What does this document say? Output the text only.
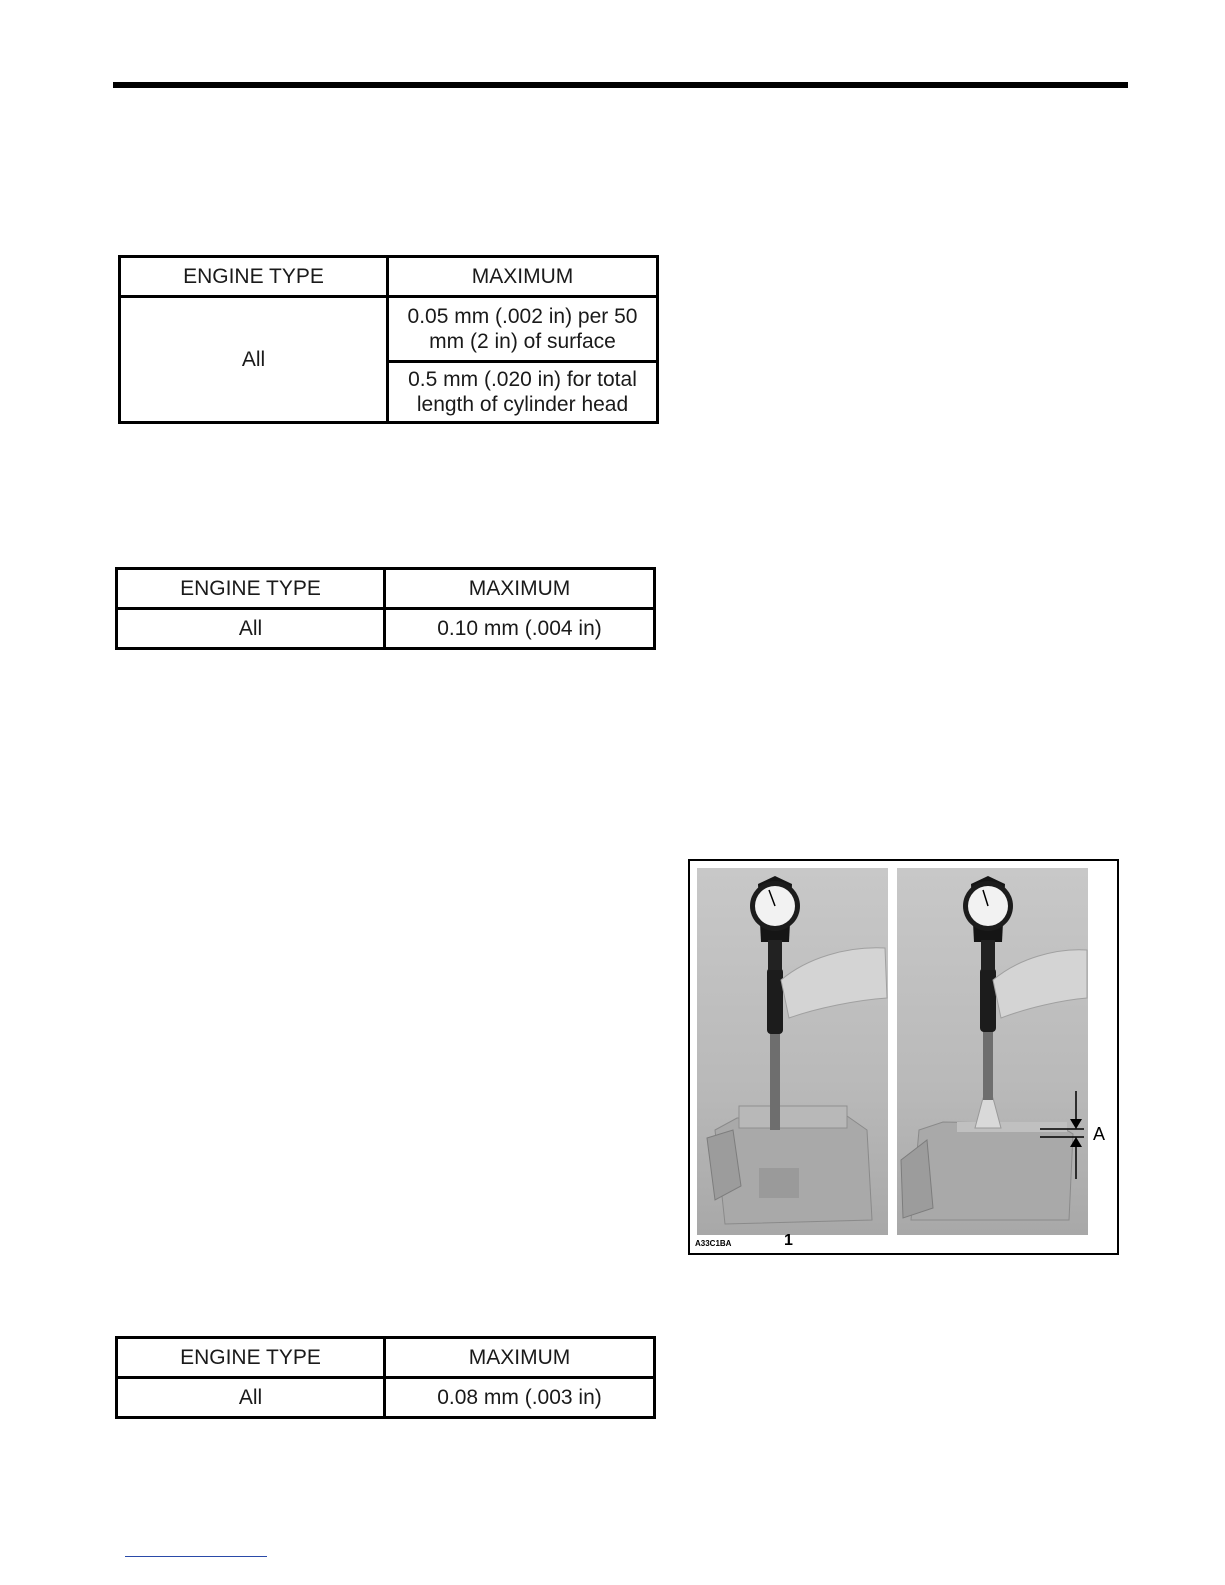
ENGINE TYPE	MAXIMUM
All	0.05 mm (.002 in) per 50 mm (2 in) of surface
	0.5 mm (.020 in) for total length of cylinder head
ENGINE TYPE	MAXIMUM
All	0.10 mm (.004 in)
A
A33C1BA	1
ENGINE TYPE	MAXIMUM
All	0.08 mm (.003 in)
